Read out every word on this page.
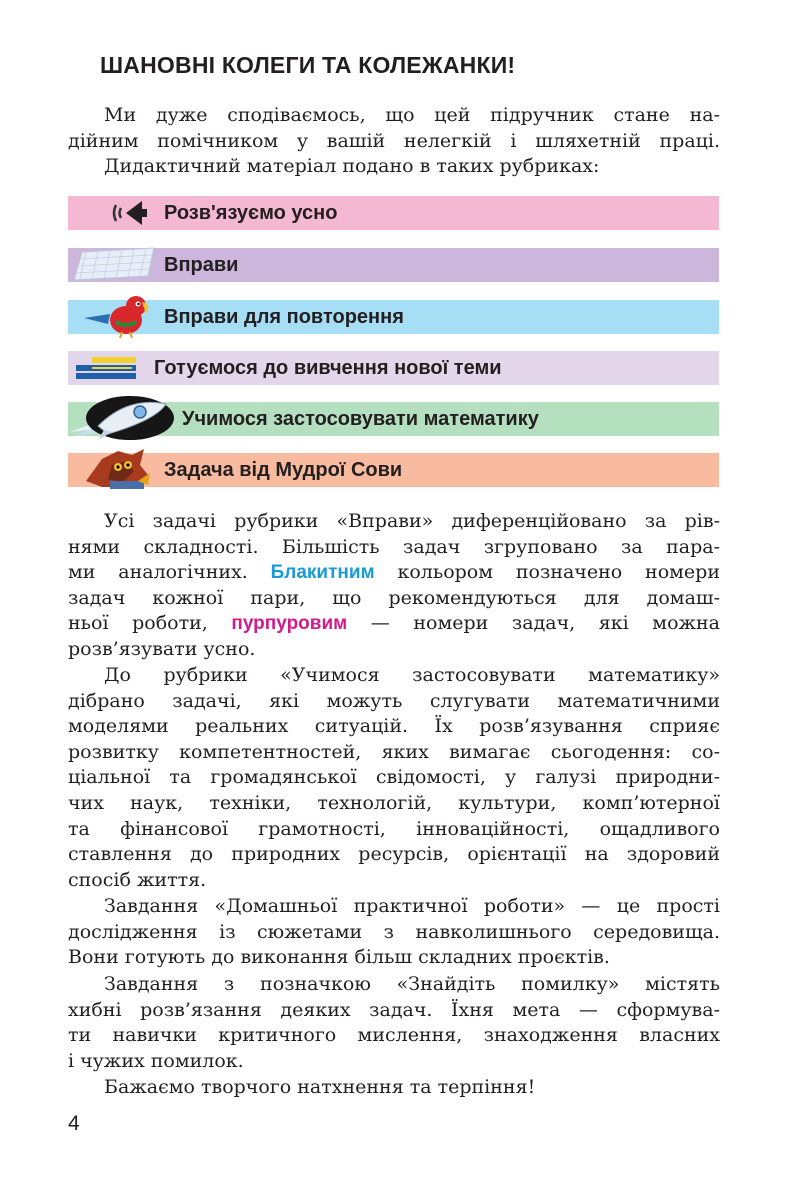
ШАНОВНІ КОЛЕГИ ТА КОЛЕЖАНКИ!
Ми дуже сподіваємось, що цей підручник стане на-
дійним помічником у вашій нелегкій і шляхетній праці.
Дидактичний матеріал подано в таких рубриках:
Розв'язуємо усно
Вправи
Вправи для повторення
Готуємося до вивчення нової теми
Учимося застосовувати математику
Задача від Мудрої Сови
Усі задачі рубрики «Вправи» диференційовано за рів-
нями складності. Більшість задач згруповано за пара-
ми аналогічних. Блакитним кольором позначено номери
задач кожної пари, що рекомендуються для домаш-
ньої роботи, пурпуровим — номери задач, які можна
розв’язувати усно.
До рубрики «Учимося застосовувати математику»
дібрано задачі, які можуть слугувати математичними
моделями реальних ситуацій. Їх розв’язування сприяє
розвитку компетентностей, яких вимагає сьогодення: со-
ціальної та громадянської свідомості, у галузі природни-
чих наук, техніки, технологій, культури, комп’ютерної
та фінансової грамотності, інноваційності, ощадливого
ставлення до природних ресурсів, орієнтації на здоровий
спосіб життя.
Завдання «Домашньої практичної роботи» — це прості
дослідження із сюжетами з навколишнього середовища.
Вони готують до виконання більш складних проєктів.
Завдання з позначкою «Знайдіть помилку» містять
хибні розв’язання деяких задач. Їхня мета — сформува-
ти навички критичного мислення, знаходження власних
і чужих помилок.
Бажаємо творчого натхнення та терпіння!
4
